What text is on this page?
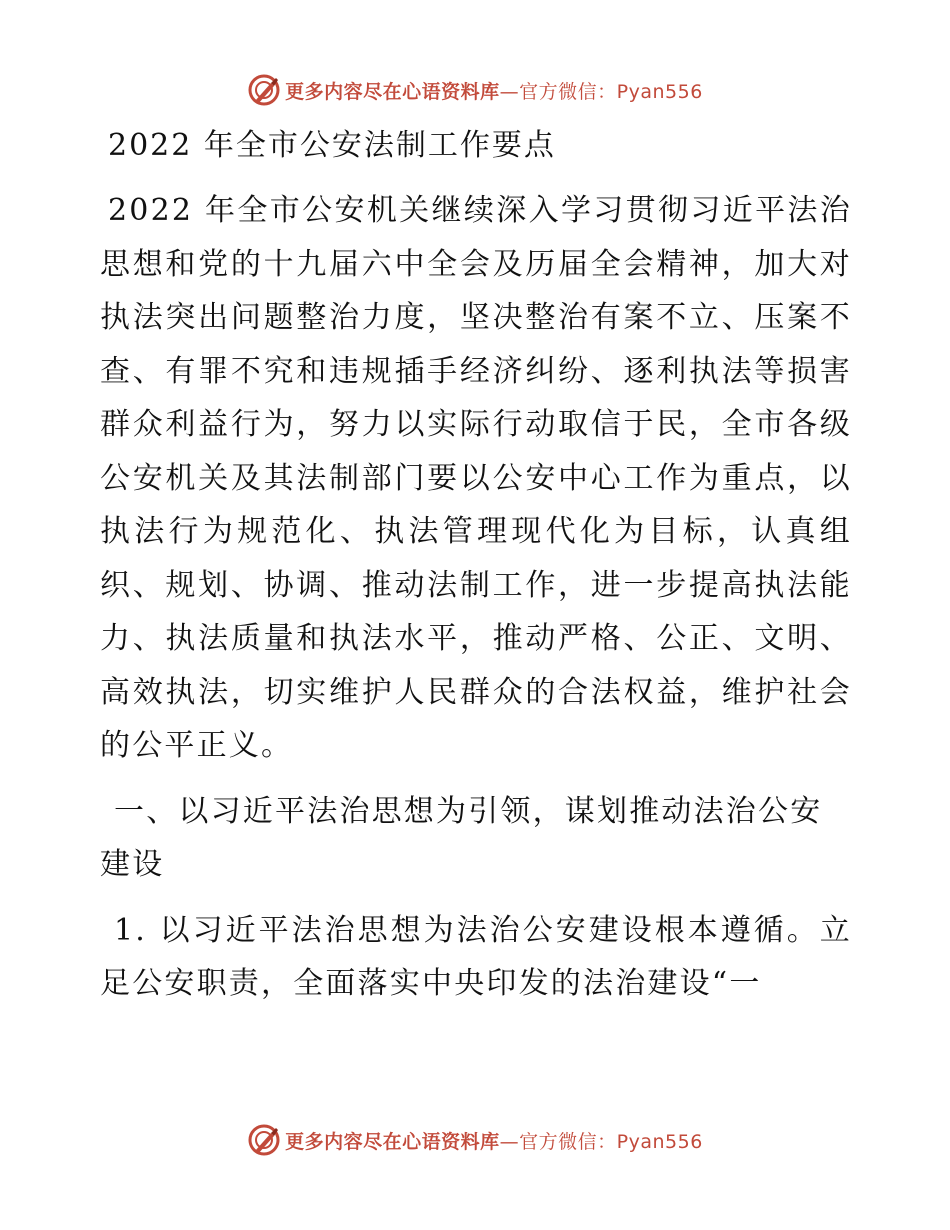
更多内容尽在心语资料库—官方微信：Pyan556
2022 年全市公安法制工作要点

2022 年全市公安机关继续深入学习贯彻习近平法治思想和党的十九届六中全会及历届全会精神，加大对执法突出问题整治力度，坚决整治有案不立、压案不查、有罪不究和违规插手经济纠纷、逐利执法等损害群众利益行为，努力以实际行动取信于民，全市各级公安机关及其法制部门要以公安中心工作为重点，以执法行为规范化、执法管理现代化为目标，认真组织、规划、协调、推动法制工作，进一步提高执法能力、执法质量和执法水平，推动严格、公正、文明、高效执法，切实维护人民群众的合法权益，维护社会的公平正义。

一、以习近平法治思想为引领，谋划推动法治公安建设

1. 以习近平法治思想为法治公安建设根本遵循。立足公安职责，全面落实中央印发的法治建设“一

更多内容尽在心语资料库—官方微信：Pyan556
